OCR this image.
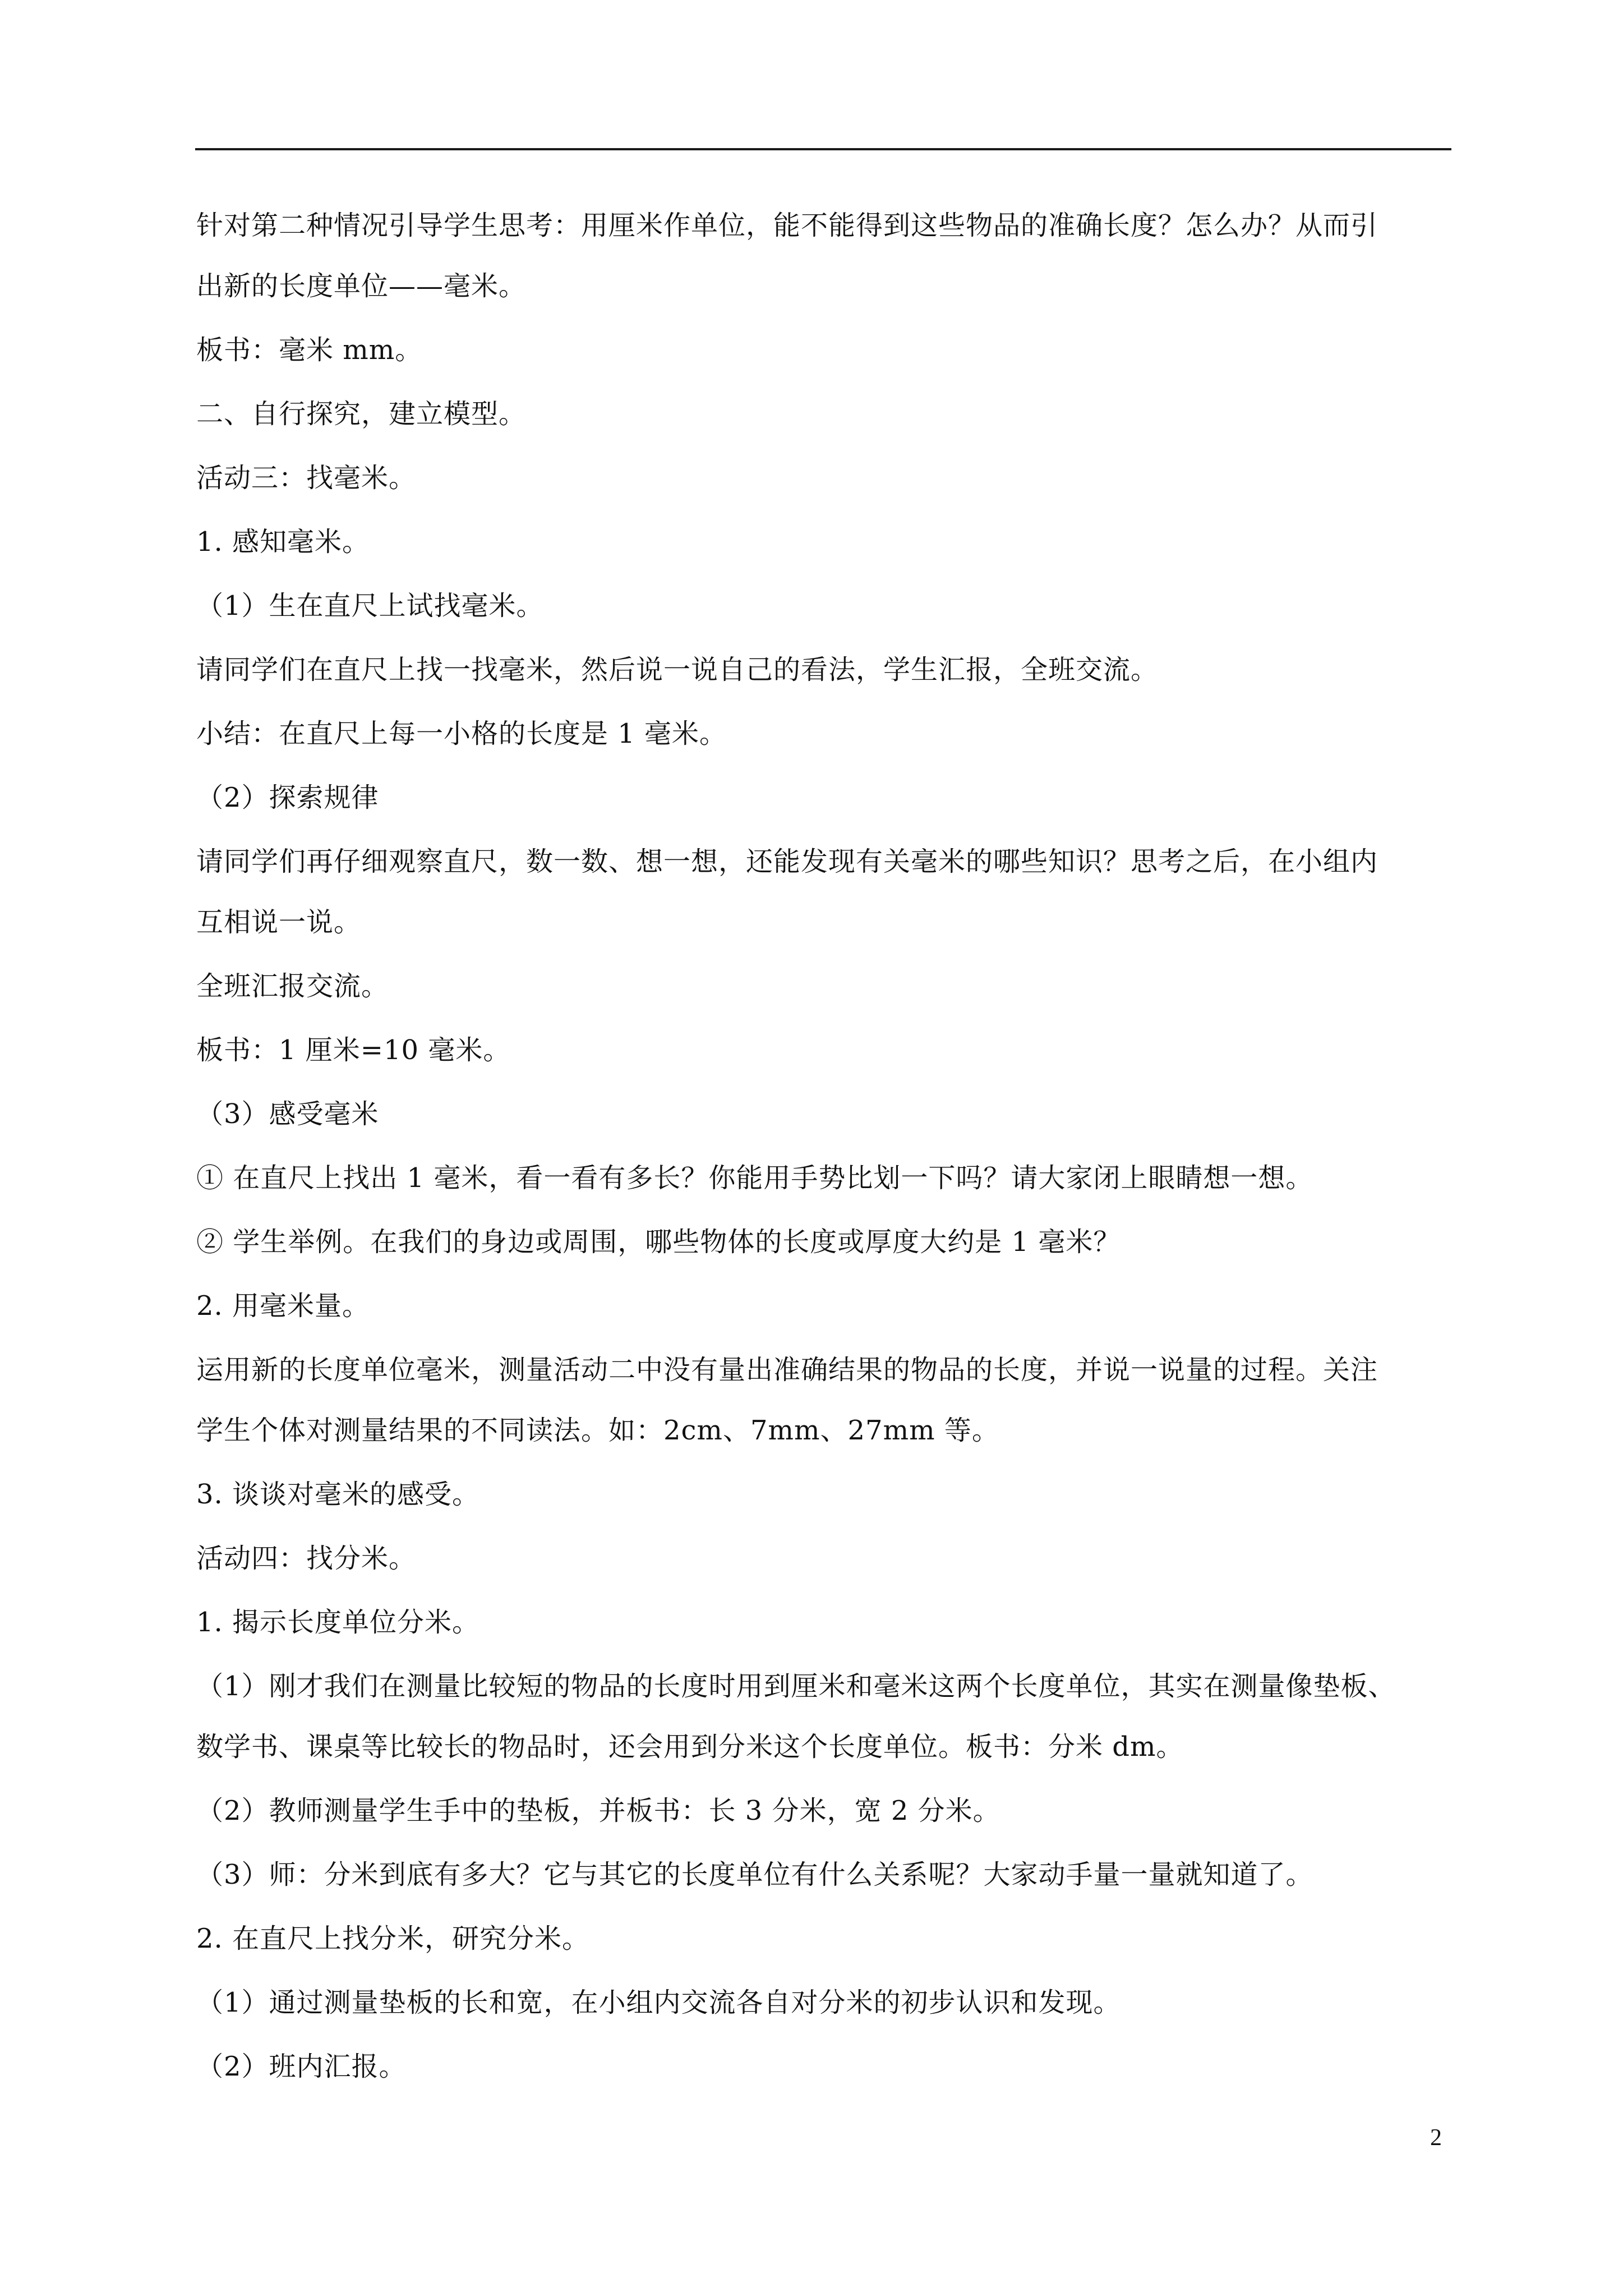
针对第二种情况引导学生思考：用厘米作单位，能不能得到这些物品的准确长度？怎么办？从而引

出新的长度单位——毫米。

板书：毫米 mm。

二、自行探究，建立模型。

活动三：找毫米。

1. 感知毫米。

（1）生在直尺上试找毫米。

请同学们在直尺上找一找毫米，然后说一说自己的看法，学生汇报，全班交流。

小结：在直尺上每一小格的长度是 1 毫米。

（2）探索规律

请同学们再仔细观察直尺，数一数、想一想，还能发现有关毫米的哪些知识？思考之后，在小组内

互相说一说。

全班汇报交流。

板书：1 厘米=10 毫米。

（3）感受毫米

① 在直尺上找出 1 毫米，看一看有多长？你能用手势比划一下吗？请大家闭上眼睛想一想。

② 学生举例。在我们的身边或周围，哪些物体的长度或厚度大约是 1 毫米？

2. 用毫米量。

运用新的长度单位毫米，测量活动二中没有量出准确结果的物品的长度，并说一说量的过程。关注

学生个体对测量结果的不同读法。如：2cm、7mm、27mm 等。

3. 谈谈对毫米的感受。

活动四：找分米。

1. 揭示长度单位分米。

（1）刚才我们在测量比较短的物品的长度时用到厘米和毫米这两个长度单位，其实在测量像垫板、

数学书、课桌等比较长的物品时，还会用到分米这个长度单位。板书：分米 dm。

（2）教师测量学生手中的垫板，并板书：长 3 分米，宽 2 分米。

（3）师：分米到底有多大？它与其它的长度单位有什么关系呢？大家动手量一量就知道了。

2. 在直尺上找分米，研究分米。

（1）通过测量垫板的长和宽，在小组内交流各自对分米的初步认识和发现。

（2）班内汇报。

2
